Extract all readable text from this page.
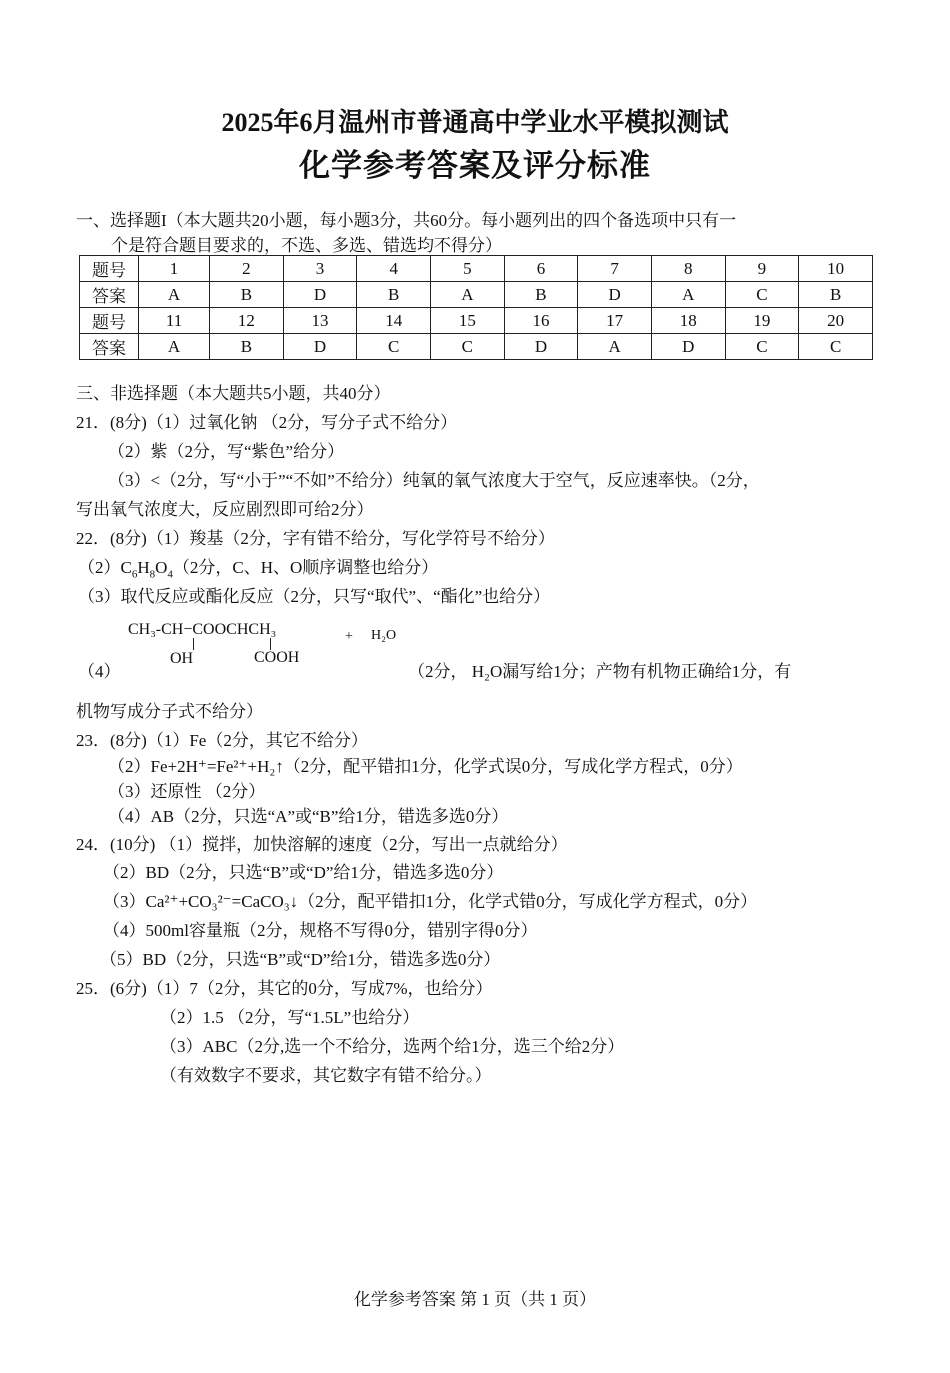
2025年6月温州市普通高中学业水平模拟测试
化学参考答案及评分标准
一、选择题I（本大题共20小题，每小题3分，共60分。每小题列出的四个备选项中只有一
个是符合题目要求的，不选、多选、错选均不得分）
题号	1	2	3	4	5	6	7	8	9	10
答案	A	B	D	B	A	B	D	A	C	B
题号	11	12	13	14	15	16	17	18	19	20
答案	A	B	D	C	C	D	A	D	C	C
三、非选择题（本大题共5小题，共40分）
21．(8分)（1）过氧化钠 （2分，写分子式不给分）
（2）紫（2分，写“紫色”给分）
（3）<（2分，写“小于”“不如”不给分）纯氧的氧气浓度大于空气，反应速率快。（2分，
写出氧气浓度大，反应剧烈即可给2分）
22．(8分)（1）羧基（2分，字有错不给分，写化学符号不给分）
$(2)C_6H_8O_4(2$分，C、H、O顺序调整也给分）
（3）取代反应或酯化反应（2分，只写“取代”、“酯化”也给分）
CH₃-CH−COOCHCH₃
OH	COOH
+ H₂O
（4）	（2分， H₂O漏写给1分；产物有机物正确给1分，有
机物写成分子式不给分）
23．(8分)（1）Fe（2分，其它不给分）
（2）Fe+2H⁺=Fe²⁺+H₂↑（2分，配平错扣1分，化学式误0分，写成化学方程式，0分）
（3）还原性 （2分）
（4）AB（2分，只选“A”或“B”给1分，错选多选0分）
24．(10分) （1）搅拌，加快溶解的速度（2分，写出一点就给分）
（2）BD（2分，只选“B”或“D”给1分，错选多选0分）
（3）Ca²⁺+CO₃²⁻=CaCO₃↓（2分，配平错扣1分，化学式错0分，写成化学方程式，0分）
（4）500ml容量瓶（2分，规格不写得0分，错别字得0分）
（5）BD（2分，只选“B”或“D”给1分，错选多选0分）
25．(6分)（1）7（2分，其它的0分，写成7%，也给分）
（2）1.5 （2分，写“1.5L”也给分）
（3）ABC（2分,选一个不给分，选两个给1分，选三个给2分）
（有效数字不要求，其它数字有错不给分。）
化学参考答案 第 1 页（共 1 页）
